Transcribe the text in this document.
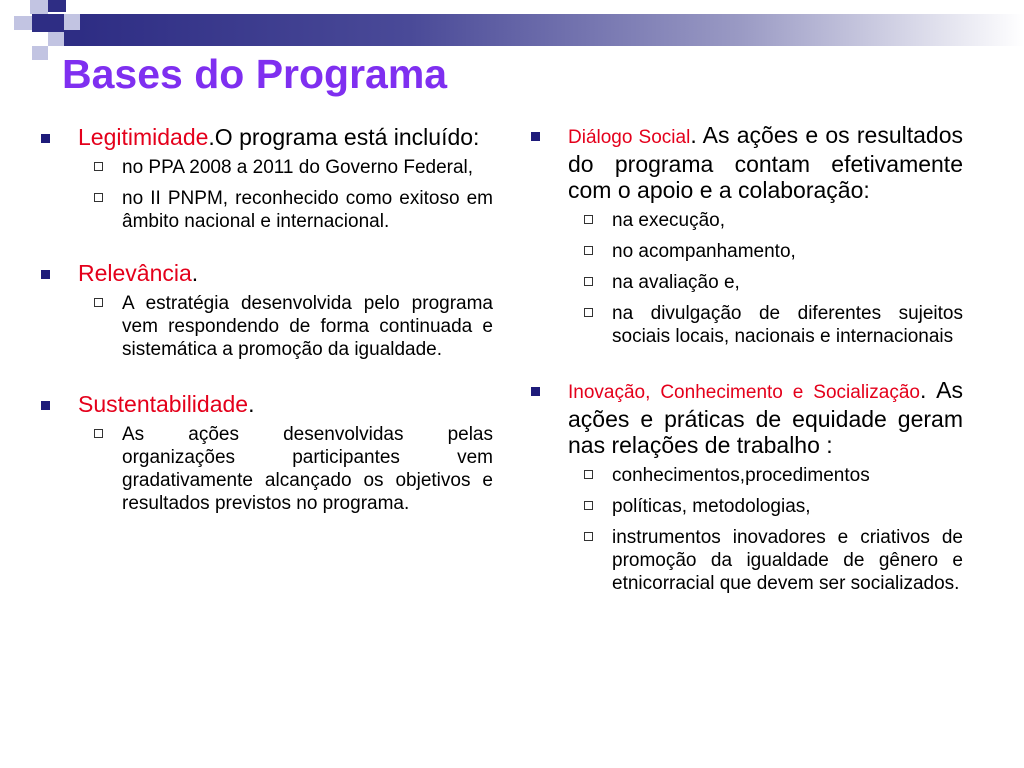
Bases do Programa
Legitimidade.O programa está incluído:
no PPA 2008 a 2011 do Governo Federal,
no II PNPM, reconhecido como exitoso em âmbito nacional e internacional.
Relevância.
A estratégia desenvolvida pelo programa vem respondendo de forma continuada e sistemática a promoção da igualdade.
Sustentabilidade.
As ações desenvolvidas pelas organizações participantes vem gradativamente alcançado os objetivos e resultados previstos no programa.
Diálogo Social. As ações e os resultados do programa contam efetivamente com o apoio e a colaboração:
na execução,
no acompanhamento,
na avaliação e,
na divulgação de diferentes sujeitos sociais locais, nacionais e internacionais
Inovação, Conhecimento e Socialização. As ações e práticas de equidade geram nas relações de trabalho :
conhecimentos,procedimentos
políticas, metodologias,
instrumentos inovadores e criativos de promoção da igualdade de gênero e etnicorracial que devem ser socializados.
